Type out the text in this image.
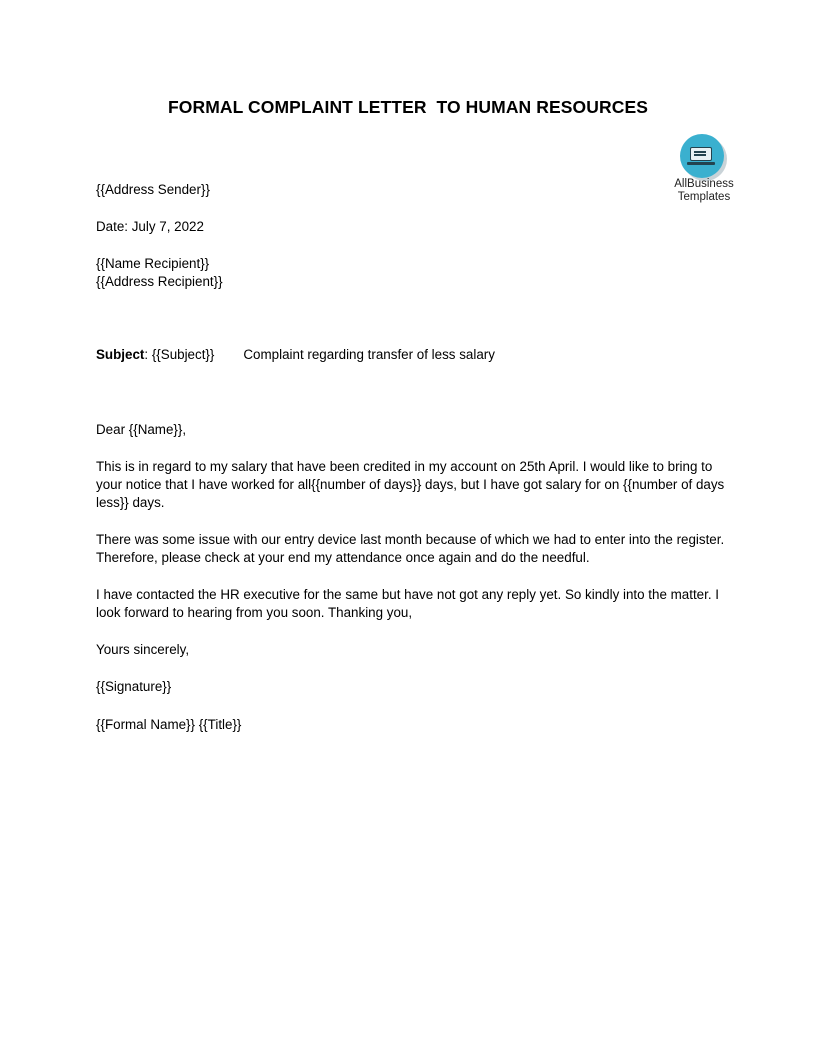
FORMAL COMPLAINT LETTER  TO HUMAN RESOURCES
AllBusiness
Templates
{{Address Sender}}
Date: July 7, 2022
{{Name Recipient}}
{{Address Recipient}}
Subject: {{Subject}} Complaint regarding transfer of less salary
Dear {{Name}},
This is in regard to my salary that have been credited in my account on 25th April. I would like to bring to your notice that I have worked for all{{number of days}} days, but I have got salary for on {{number of days less}} days.
There was some issue with our entry device last month because of which we had to enter into the register. Therefore, please check at your end my attendance once again and do the needful.
I have contacted the HR executive for the same but have not got any reply yet. So kindly into the matter. I look forward to hearing from you soon. Thanking you,
Yours sincerely,
{{Signature}}
{{Formal Name}} {{Title}}
